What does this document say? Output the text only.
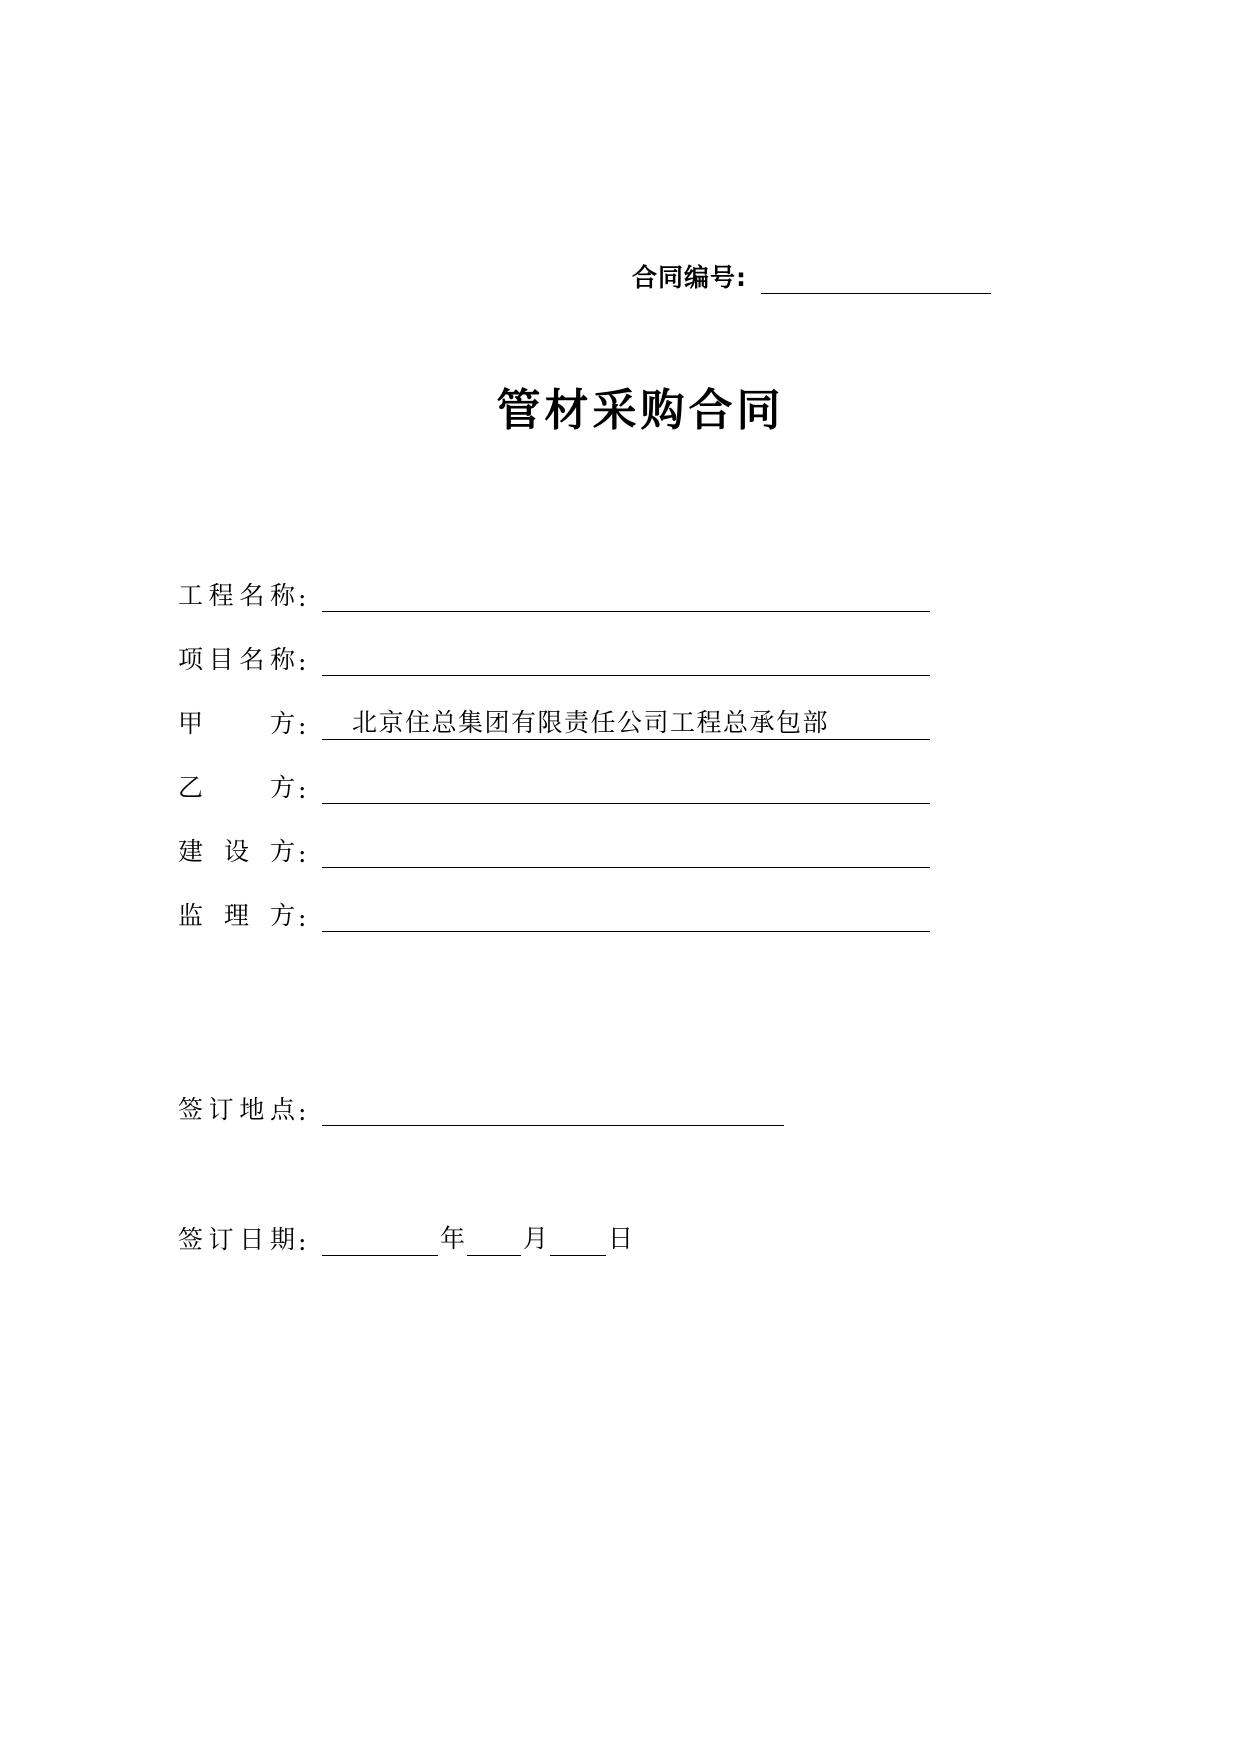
合同编号:
管材采购合同
工程名称 :
项目名称 :
甲方 :	北京住总集团有限责任公司工程总承包部
乙方 :
建设方 :
监理方 :
签订地点 :
签订日期 :	年 月 日
